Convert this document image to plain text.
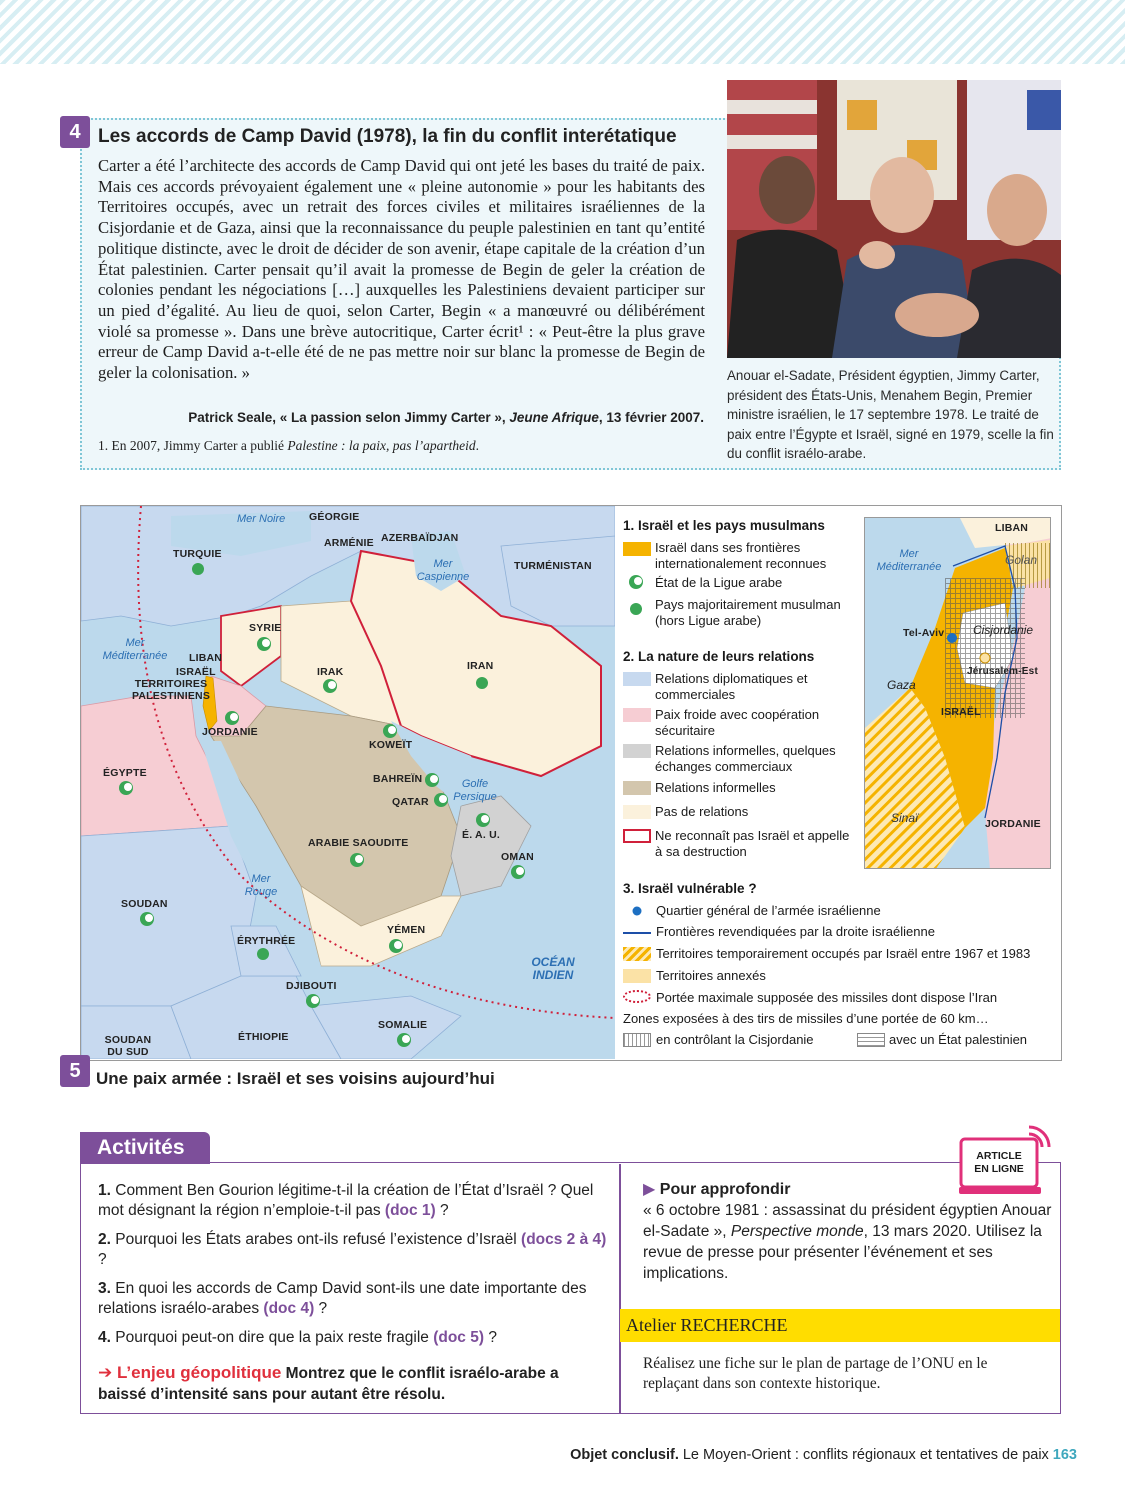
4 Les accords de Camp David (1978), la fin du conflit interétatique
Carter a été l’architecte des accords de Camp David qui ont jeté les bases du traité de paix. Mais ces accords prévoyaient également une « pleine autonomie » pour les habitants des Territoires occupés, avec un retrait des forces civiles et militaires israéliennes de la Cisjordanie et de Gaza, ainsi que la reconnaissance du peuple palestinien en tant qu’entité politique distincte, avec le droit de décider de son avenir, étape capitale de la création d’un État palestinien. Carter pensait qu’il avait la promesse de Begin de geler la création de colonies pendant les négociations […] auxquelles les Palestiniens devaient participer sur un pied d’égalité. Au lieu de quoi, selon Carter, Begin « a manœuvré ou délibérément violé sa promesse ». Dans une brève autocritique, Carter écrit¹ : « Peut-être la plus grave erreur de Camp David a-t-elle été de ne pas mettre noir sur blanc la promesse de Begin de geler la colonisation. »
Patrick Seale, « La passion selon Jimmy Carter », Jeune Afrique, 13 février 2007.
1. En 2007, Jimmy Carter a publié Palestine : la paix, pas l’apartheid.
Anouar el-Sadate, Président égyptien, Jimmy Carter, président des États-Unis, Menahem Begin, Premier ministre israélien, le 17 septembre 1978. Le traité de paix entre l’Égypte et Israël, signé en 1979, scelle la fin du conflit israélo-arabe.
Mer Noire
Mer Caspienne
Mer Méditerranée
Golfe Persique
Mer Rouge
OCÉAN INDIEN
GÉORGIE
ARMÉNIE AZERBAÏDJAN
TURQUIE
TURMÉNISTAN
SYRIE
LIBAN
ISRAËL
TERRITOIRES PALESTINIENS
IRAK	IRAN
JORDANIE
KOWEÏT
ÉGYPTE	BAHREÏN
QATAR
É. A. U.
ARABIE SAOUDITE
OMAN
SOUDAN
YÉMEN
ÉRYTHRÉE
DJIBOUTI
SOMALIE
ÉTHIOPIE
SOUDAN DU SUD
1. Israël et les pays musulmans
Israël dans ses frontières internationalement reconnues
État de la Ligue arabe
Pays majoritairement musulman (hors Ligue arabe)
2. La nature de leurs relations
Relations diplomatiques et commerciales
Paix froide avec coopération sécuritaire
Relations informelles, quelques échanges commerciaux
Relations informelles
Pas de relations
Ne reconnaît pas Israël et appelle à sa destruction
3. Israël vulnérable ?
Quartier général de l’armée israélienne
Frontières revendiquées par la droite israélienne
Territoires temporairement occupés par Israël entre 1967 et 1983
Territoires annexés
Portée maximale supposée des missiles dont dispose l’Iran
Zones exposées à des tirs de missiles d’une portée de 60 km…
en contrôlant la Cisjordanie	avec un État palestinien
LIBAN
Golan
Mer Méditerranée
Tel-Aviv Cisjordanie
Gaza
Jérusalem-Est
ISRAËL
Sinaï	JORDANIE
5 Une paix armée : Israël et ses voisins aujourd’hui
Activités
1. Comment Ben Gourion légitime-t-il la création de l’État d’Israël ? Quel mot désignant la région n’emploie-t-il pas (doc 1) ?
2. Pourquoi les États arabes ont-ils refusé l’existence d’Israël (docs 2 à 4) ?
3. En quoi les accords de Camp David sont-ils une date importante des relations israélo-arabes (doc 4) ?
4. Pourquoi peut-on dire que la paix reste fragile (doc 5) ?
➔ L’enjeu géopolitique Montrez que le conflit israélo-arabe a baissé d’intensité sans pour autant être résolu.
▶ Pour approfondir
« 6 octobre 1981 : assassinat du président égyptien Anouar el-Sadate », Perspective monde, 13 mars 2020. Utilisez la revue de presse pour présenter l’événement et ses implications.
ARTICLE
EN LIGNE
Atelier RECHERCHE
Réalisez une fiche sur le plan de partage de l’ONU en le replaçant dans son contexte historique.
Objet conclusif. Le Moyen-Orient : conflits régionaux et tentatives de paix 163
